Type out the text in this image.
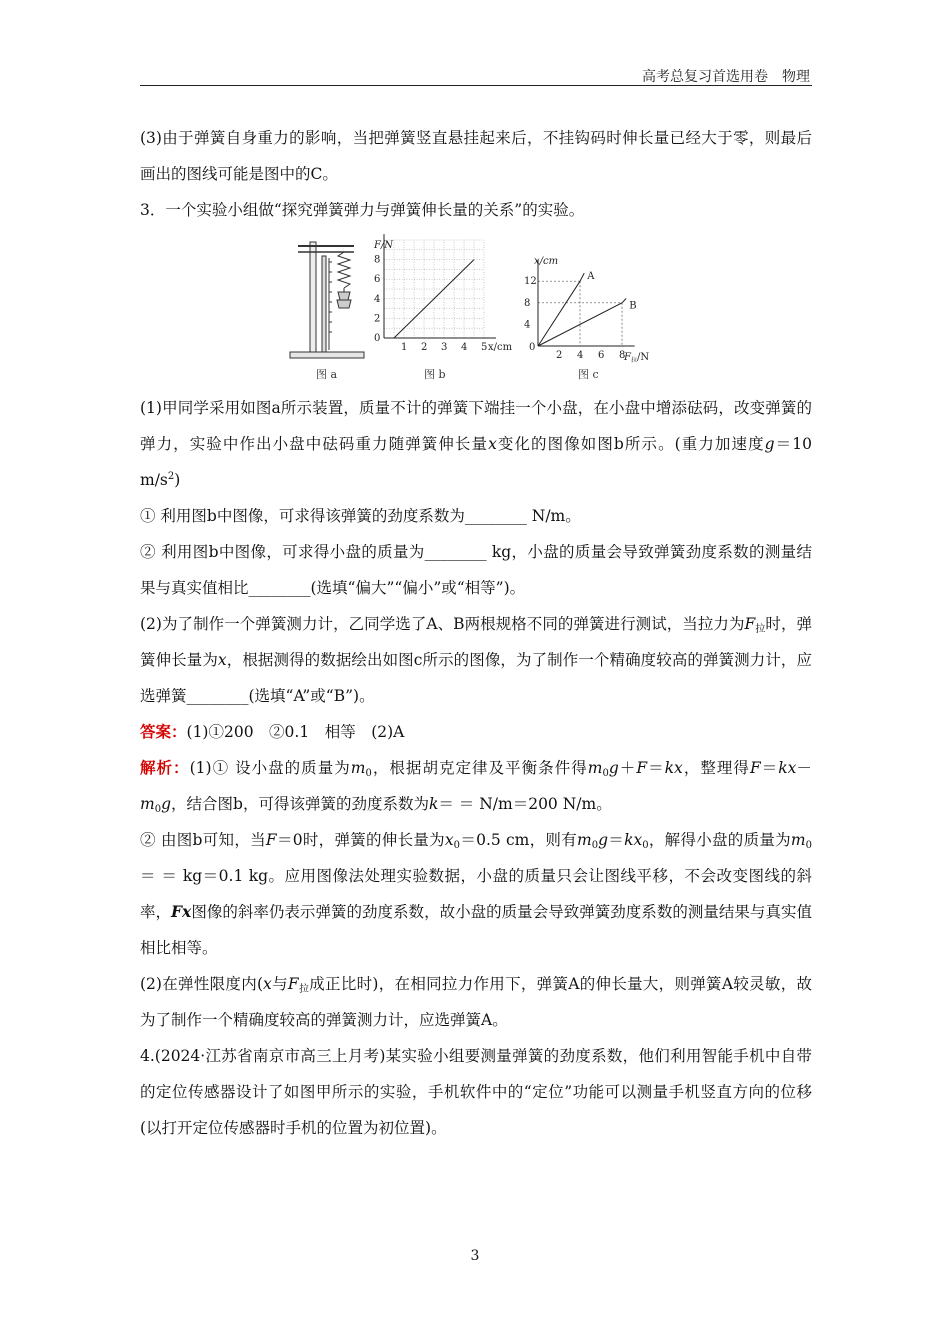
高考总复习首选用卷　物理

(3)由于弹簧自身重力的影响，当把弹簧竖直悬挂起来后，不挂钩码时伸长量已经大于零，则最后画出的图线可能是图中的C。

3．一个实验小组做“探究弹簧弹力与弹簧伸长量的关系”的实验。

图 a
0
2
4
6
8
1 2 3 4 5
F/N
x/cm
图 b
0
4
8
12
2 4 6 8
A
B
x/cm
$F_拉/N$
图 c

(1)甲同学采用如图a所示装置，质量不计的弹簧下端挂一个小盘，在小盘中增添砝码，改变弹簧的弹力，实验中作出小盘中砝码重力随弹簧伸长量x变化的图像如图b所示。(重力加速度g＝10 $m/s^2$)

① 利用图b中图像，可求得该弹簧的劲度系数为________ N/m。

② 利用图b中图像，可求得小盘的质量为________ kg，小盘的质量会导致弹簧劲度系数的测量结果与真实值相比________(选填“偏大”“偏小”或“相等”)。

(2)为了制作一个弹簧测力计，乙同学选了A、B两根规格不同的弹簧进行测试，当拉力为$F_拉$时，弹簧伸长量为x，根据测得的数据绘出如图c所示的图像，为了制作一个精确度较高的弹簧测力计，应选弹簧________(选填“A”或“B”)。

答案：(1)①200　②0.1　相等　(2)A

解析：(1)① 设小盘的质量为$m_0$，根据胡克定律及平衡条件得$m_0g+F=kx$，整理得$F=kx-m_0g$，结合图b，可得该弹簧的劲度系数为k＝ ＝ N/m＝200 N/m。

② 由图b可知，当F＝0时，弹簧的伸长量为$x_0=0.5$ cm，则有$m_0g=kx_0$，解得小盘的质量为$m_0= = kg=0.1$ kg。应用图像法处理实验数据，小盘的质量只会让图线平移，不会改变图线的斜率，Fx图像的斜率仍表示弹簧的劲度系数，故小盘的质量会导致弹簧劲度系数的测量结果与真实值相比相等。

(2)在弹性限度内(x与$F_拉$成正比时)，在相同拉力作用下，弹簧A的伸长量大，则弹簧A较灵敏，故为了制作一个精确度较高的弹簧测力计，应选弹簧A。

4.(2024·江苏省南京市高三上月考)某实验小组要测量弹簧的劲度系数，他们利用智能手机中自带的定位传感器设计了如图甲所示的实验，手机软件中的“定位”功能可以测量手机竖直方向的位移(以打开定位传感器时手机的位置为初位置)。

3
